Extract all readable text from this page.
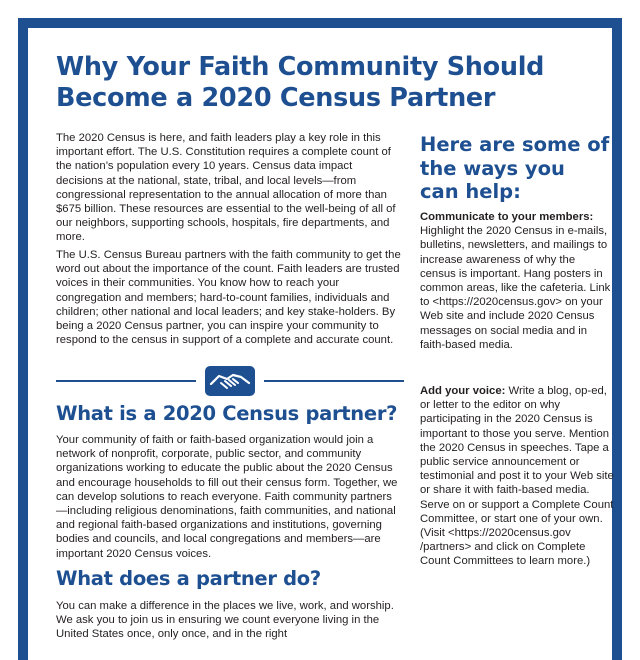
Why Your Faith Community Should Become a 2020 Census Partner

The 2020 Census is here, and faith leaders play a key role in this important effort. The U.S. Constitution requires a complete count of the nation’s population every 10 years. Census data impact decisions at the national, state, tribal, and local levels—from congressional representation to the annual allocation of more than $675 billion. These resources are essential to the well-being of all of our neighbors, supporting schools, hospitals, fire departments, and more.

The U.S. Census Bureau partners with the faith community to get the word out about the importance of the count. Faith leaders are trusted voices in their communities. You know how to reach your congregation and members; hard-to-count families, individuals and children; other national and local leaders; and key stake-holders. By being a 2020 Census partner, you can inspire your community to respond to the census in support of a complete and accurate count.

What is a 2020 Census partner?

Your community of faith or faith-based organization would join a network of nonprofit, corporate, public sector, and community organizations working to educate the public about the 2020 Census and encourage households to fill out their census form. Together, we can develop solutions to reach everyone. Faith community partners—including religious denominations, faith communities, and national and regional faith-based organizations and institutions, governing bodies and councils, and local congregations and members—are important 2020 Census voices.

What does a partner do?

You can make a difference in the places we live, work, and worship. We ask you to join us in ensuring we count everyone living in the United States once, only once, and in the right

Here are some of the ways you can help:

Communicate to your members: Highlight the 2020 Census in e-mails, bulletins, newsletters, and mailings to increase awareness of why the census is important. Hang posters in common areas, like the cafeteria. Link to <https://2020census.gov> on your Web site and include 2020 Census messages on social media and in faith-based media.

Add your voice: Write a blog, op-ed, or letter to the editor on why participating in the 2020 Census is important to those you serve. Mention the 2020 Census in speeches. Tape a public service announcement or testimonial and post it to your Web site or share it with faith-based media. Serve on or support a Complete Count Committee, or start one of your own. (Visit <https://2020census.gov /partners> and click on Complete Count Committees to learn more.)
